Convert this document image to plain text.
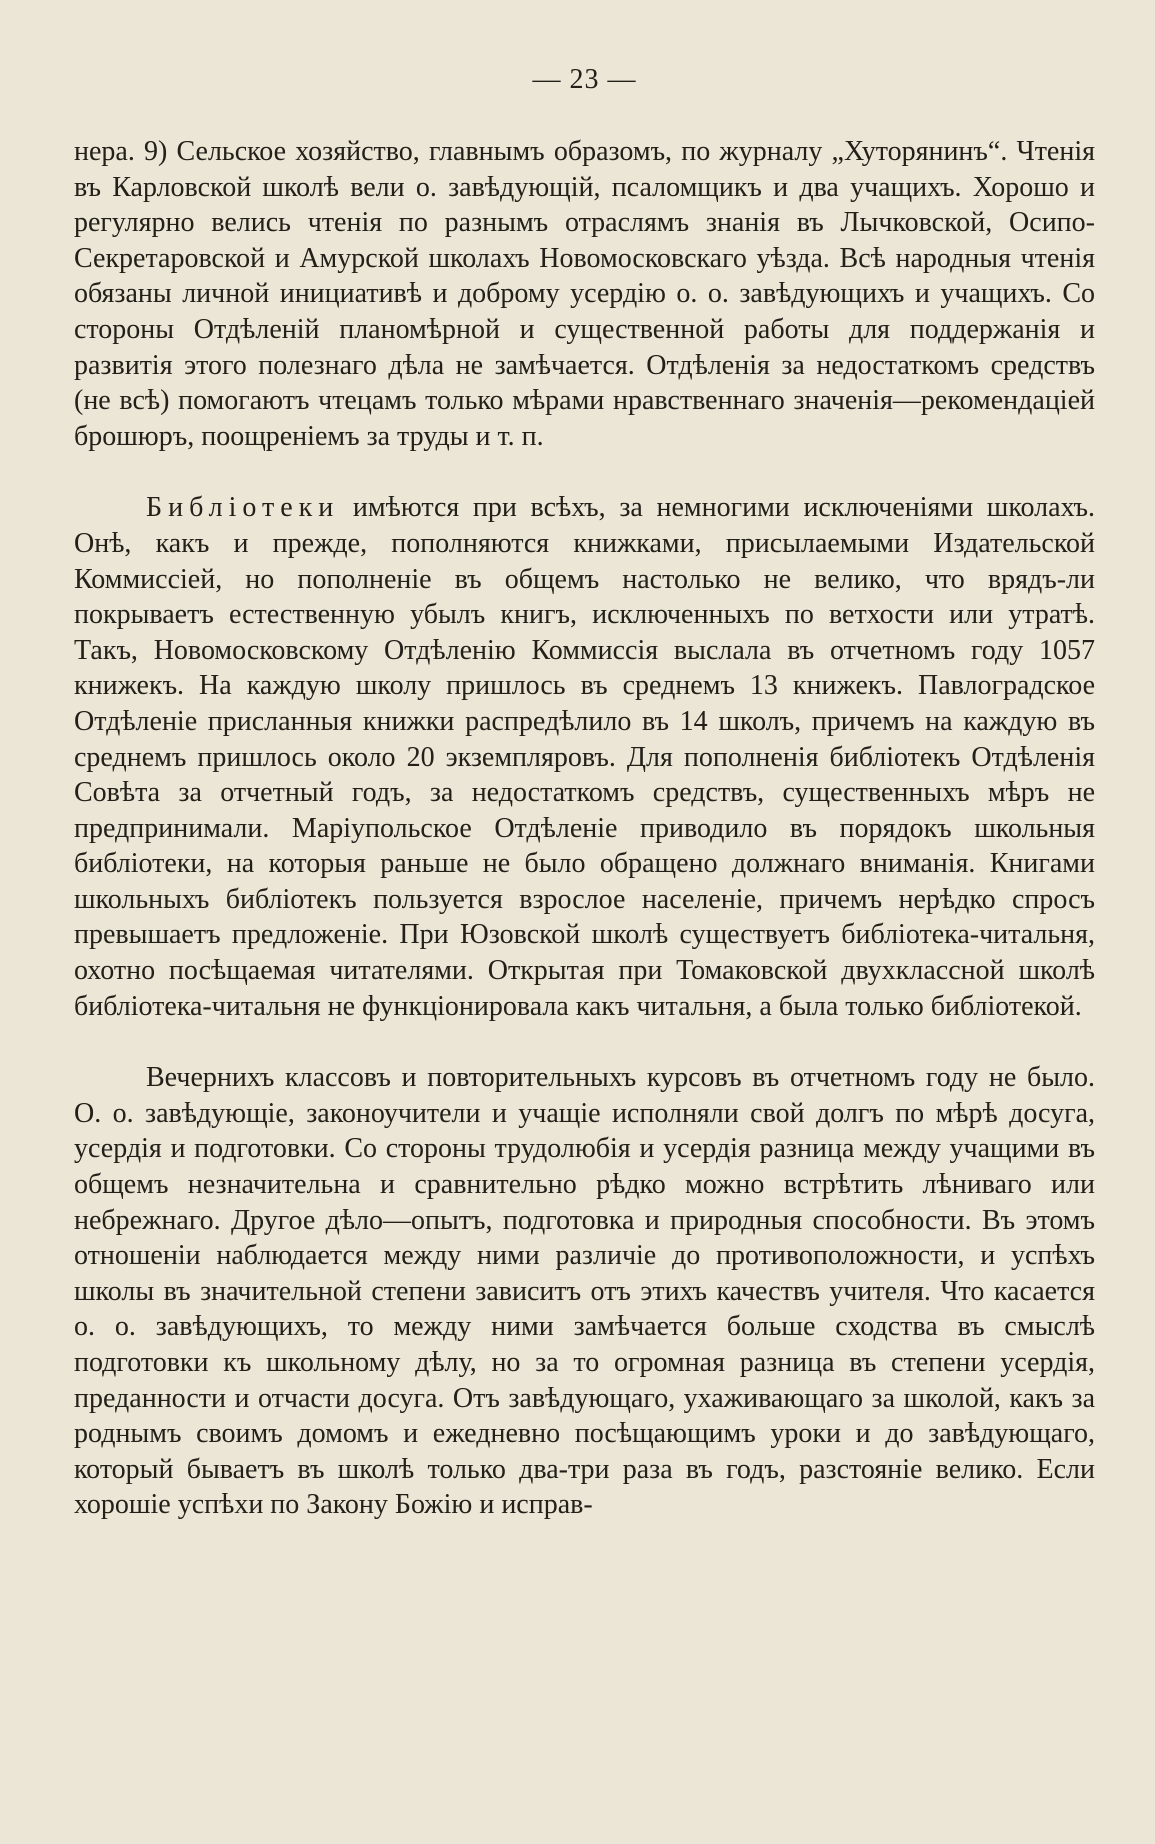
— 23 —

нера. 9) Сельское хозяйство, главнымъ образомъ, по журналу „Хуторянинъ“. Чтенія въ Карловской школѣ вели о. завѣдующій, псаломщикъ и два учащихъ. Хорошо и регулярно велись чтенія по разнымъ отраслямъ знанія въ Лычковской, Осипо-Секретаровской и Амурской школахъ Новомосковскаго уѣзда. Всѣ народныя чтенія обязаны личной инициативѣ и доброму усердію о. о. завѣдующихъ и учащихъ. Со стороны Отдѣленій планомѣрной и существенной работы для поддержанія и развитія этого полезнаго дѣла не замѣчается. Отдѣленія за недостаткомъ средствъ (не всѣ) помогаютъ чтецамъ только мѣрами нравственнаго значенія—рекомендаціей брошюръ, поощреніемъ за труды и т. п.

Библіотеки имѣются при всѣхъ, за немногими исключеніями школахъ. Онѣ, какъ и прежде, пополняются книжками, присылаемыми Издательской Коммиссіей, но пополненіе въ общемъ настолько не велико, что врядъ-ли покрываетъ естественную убылъ книгъ, исключенныхъ по ветхости или утратѣ. Такъ, Новомосковскому Отдѣленію Коммиссія выслала въ отчетномъ году 1057 книжекъ. На каждую школу пришлось въ среднемъ 13 книжекъ. Павлоградское Отдѣленіе присланныя книжки распредѣлило въ 14 школъ, причемъ на каждую въ среднемъ пришлось около 20 экземпляровъ. Для пополненія библіотекъ Отдѣленія Совѣта за отчетный годъ, за недостаткомъ средствъ, существенныхъ мѣръ не предпринимали. Маріупольское Отдѣленіе приводило въ порядокъ школьныя библіотеки, на которыя раньше не было обращено должнаго вниманія. Книгами школьныхъ библіотекъ пользуется взрослое населеніе, причемъ нерѣдко спросъ превышаетъ предложеніе. При Юзовской школѣ существуетъ библіотека-читальня, охотно посѣщаемая читателями. Открытая при Томаковской двухклассной школѣ библіотека-читальня не функціонировала какъ читальня, а была только библіотекой.

Вечернихъ классовъ и повторительныхъ курсовъ въ отчетномъ году не было. О. о. завѣдующіе, законоучители и учащіе исполняли свой долгъ по мѣрѣ досуга, усердія и подготовки. Со стороны трудолюбія и усердія разница между учащими въ общемъ незначительна и сравнительно рѣдко можно встрѣтить лѣниваго или небрежнаго. Другое дѣло—опытъ, подготовка и природныя способности. Въ этомъ отношеніи наблюдается между ними различіе до противоположности, и успѣхъ школы въ значительной степени зависитъ отъ этихъ качествъ учителя. Что касается о. о. завѣдующихъ, то между ними замѣчается больше сходства въ смыслѣ подготовки къ школьному дѣлу, но за то огромная разница въ степени усердія, преданности и отчасти досуга. Отъ завѣдующаго, ухаживающаго за школой, какъ за роднымъ своимъ домомъ и ежедневно посѣщающимъ уроки и до завѣдующаго, который бываетъ въ школѣ только два-три раза въ годъ, разстояніе велико. Если хорошіе успѣхи по Закону Божію и исправ-
